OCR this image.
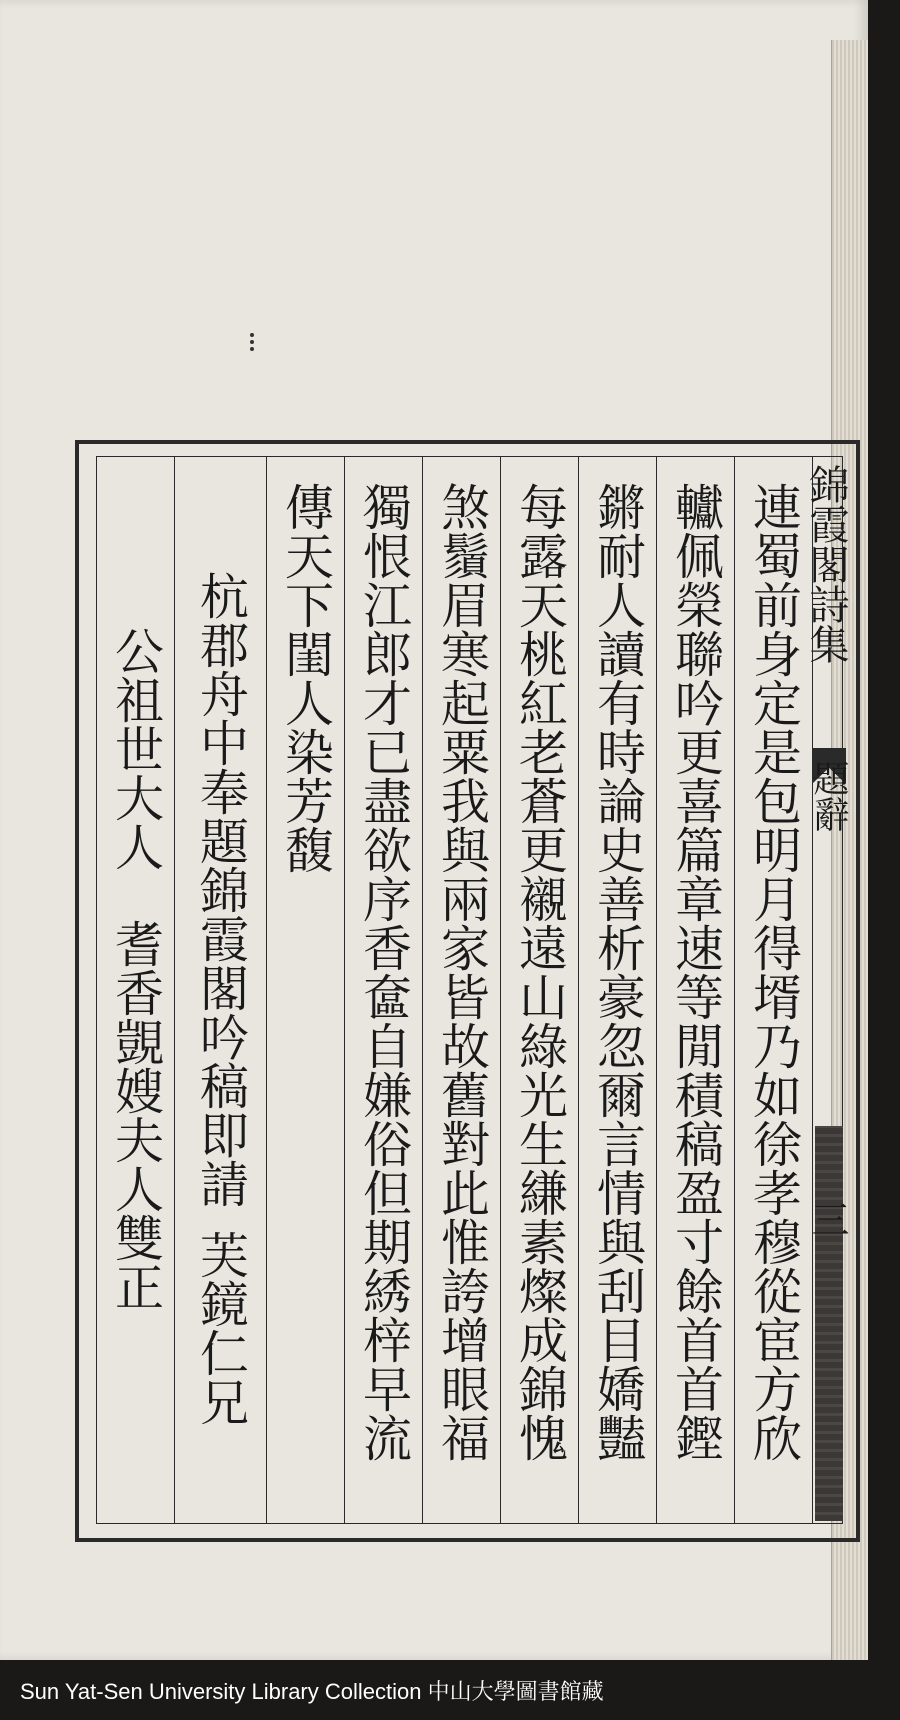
錦霞閣詩集
題辭
三
連蜀前身定是包明月得壻乃如徐孝穆從宦方欣
䡾佩榮聯吟更喜篇章速等閒積稿盈寸餘首首鏗
鏘耐人讀有時論史善析豪忽爾言情與刮目嬌豔
每露天桃紅老蒼更襯遠山綠光生縑素燦成錦愧
煞鬚眉寒起粟我與兩家皆故舊對此惟誇增眼福
獨恨江郎才已盡欲序香奩自嫌俗但期綉梓早流
傳天下閨人染芳馥
杭郡舟中奉題錦霞閣吟稿即請
芙鏡仁兄
公祖世大人
耆香覬嫂夫人雙正
Sun Yat-Sen University Library Collection 中山大學圖書館藏
